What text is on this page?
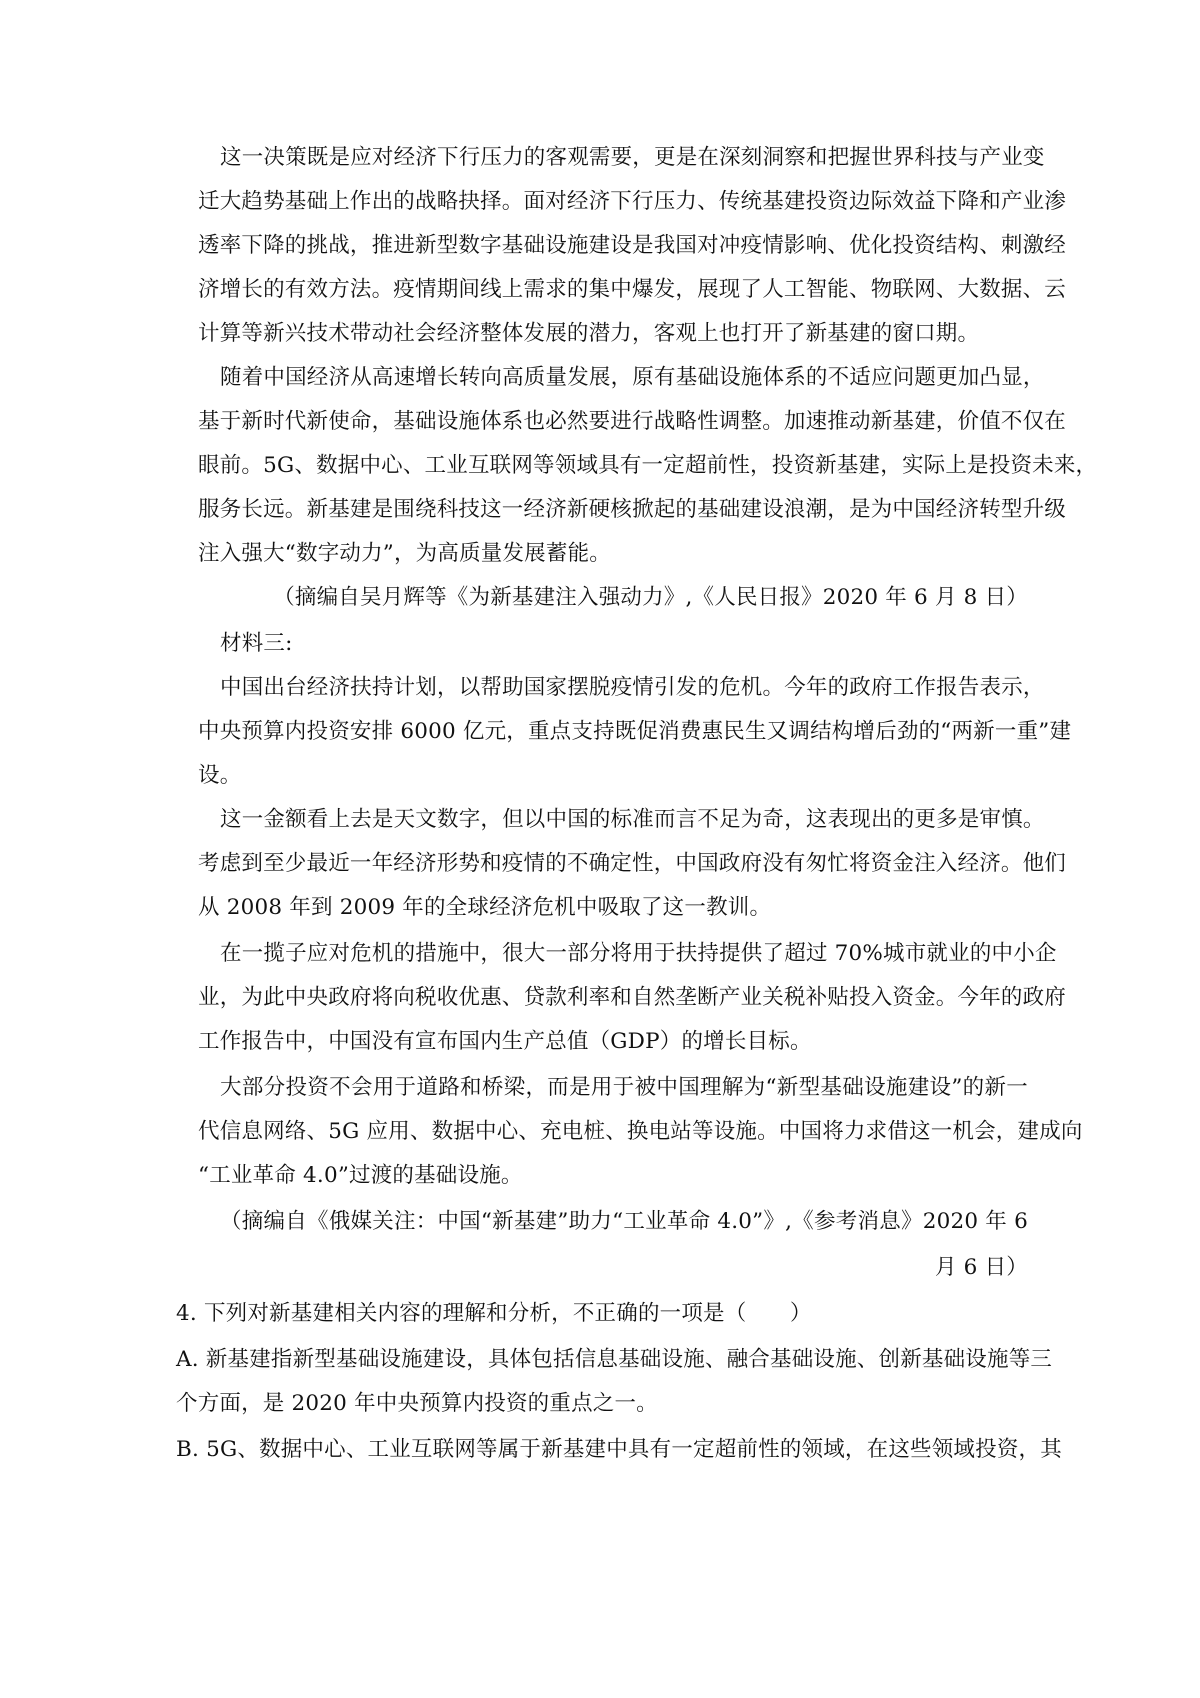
这一决策既是应对经济下行压力的客观需要，更是在深刻洞察和把握世界科技与产业变
迁大趋势基础上作出的战略抉择。面对经济下行压力、传统基建投资边际效益下降和产业渗
透率下降的挑战，推进新型数字基础设施建设是我国对冲疫情影响、优化投资结构、刺激经
济增长的有效方法。疫情期间线上需求的集中爆发，展现了人工智能、物联网、大数据、云
计算等新兴技术带动社会经济整体发展的潜力，客观上也打开了新基建的窗口期。
随着中国经济从高速增长转向高质量发展，原有基础设施体系的不适应问题更加凸显，
基于新时代新使命，基础设施体系也必然要进行战略性调整。加速推动新基建，价值不仅在
眼前。5G、数据中心、工业互联网等领域具有一定超前性，投资新基建，实际上是投资未来，
服务长远。新基建是围绕科技这一经济新硬核掀起的基础建设浪潮，是为中国经济转型升级
注入强大“数字动力”，为高质量发展蓄能。
（摘编自吴月辉等《为新基建注入强动力》,《人民日报》2020 年 6 月 8 日）
材料三:
中国出台经济扶持计划，以帮助国家摆脱疫情引发的危机。今年的政府工作报告表示，
中央预算内投资安排 6000 亿元，重点支持既促消费惠民生又调结构增后劲的“两新一重”建
设。
这一金额看上去是天文数字，但以中国的标准而言不足为奇，这表现出的更多是审慎。
考虑到至少最近一年经济形势和疫情的不确定性，中国政府没有匆忙将资金注入经济。他们
从 2008 年到 2009 年的全球经济危机中吸取了这一教训。
在一揽子应对危机的措施中，很大一部分将用于扶持提供了超过 70%城市就业的中小企
业，为此中央政府将向税收优惠、贷款利率和自然垄断产业关税补贴投入资金。今年的政府
工作报告中，中国没有宣布国内生产总值（GDP）的增长目标。
大部分投资不会用于道路和桥梁，而是用于被中国理解为“新型基础设施建设”的新一
代信息网络、5G 应用、数据中心、充电桩、换电站等设施。中国将力求借这一机会，建成向
“工业革命 4.0”过渡的基础设施。
（摘编自《俄媒关注：中国“新基建”助力“工业革命 4.0”》,《参考消息》2020 年 6
月 6 日）
4. 下列对新基建相关内容的理解和分析，不正确的一项是（　　）
A. 新基建指新型基础设施建设，具体包括信息基础设施、融合基础设施、创新基础设施等三
个方面，是 2020 年中央预算内投资的重点之一。
B. 5G、数据中心、工业互联网等属于新基建中具有一定超前性的领域，在这些领域投资，其
